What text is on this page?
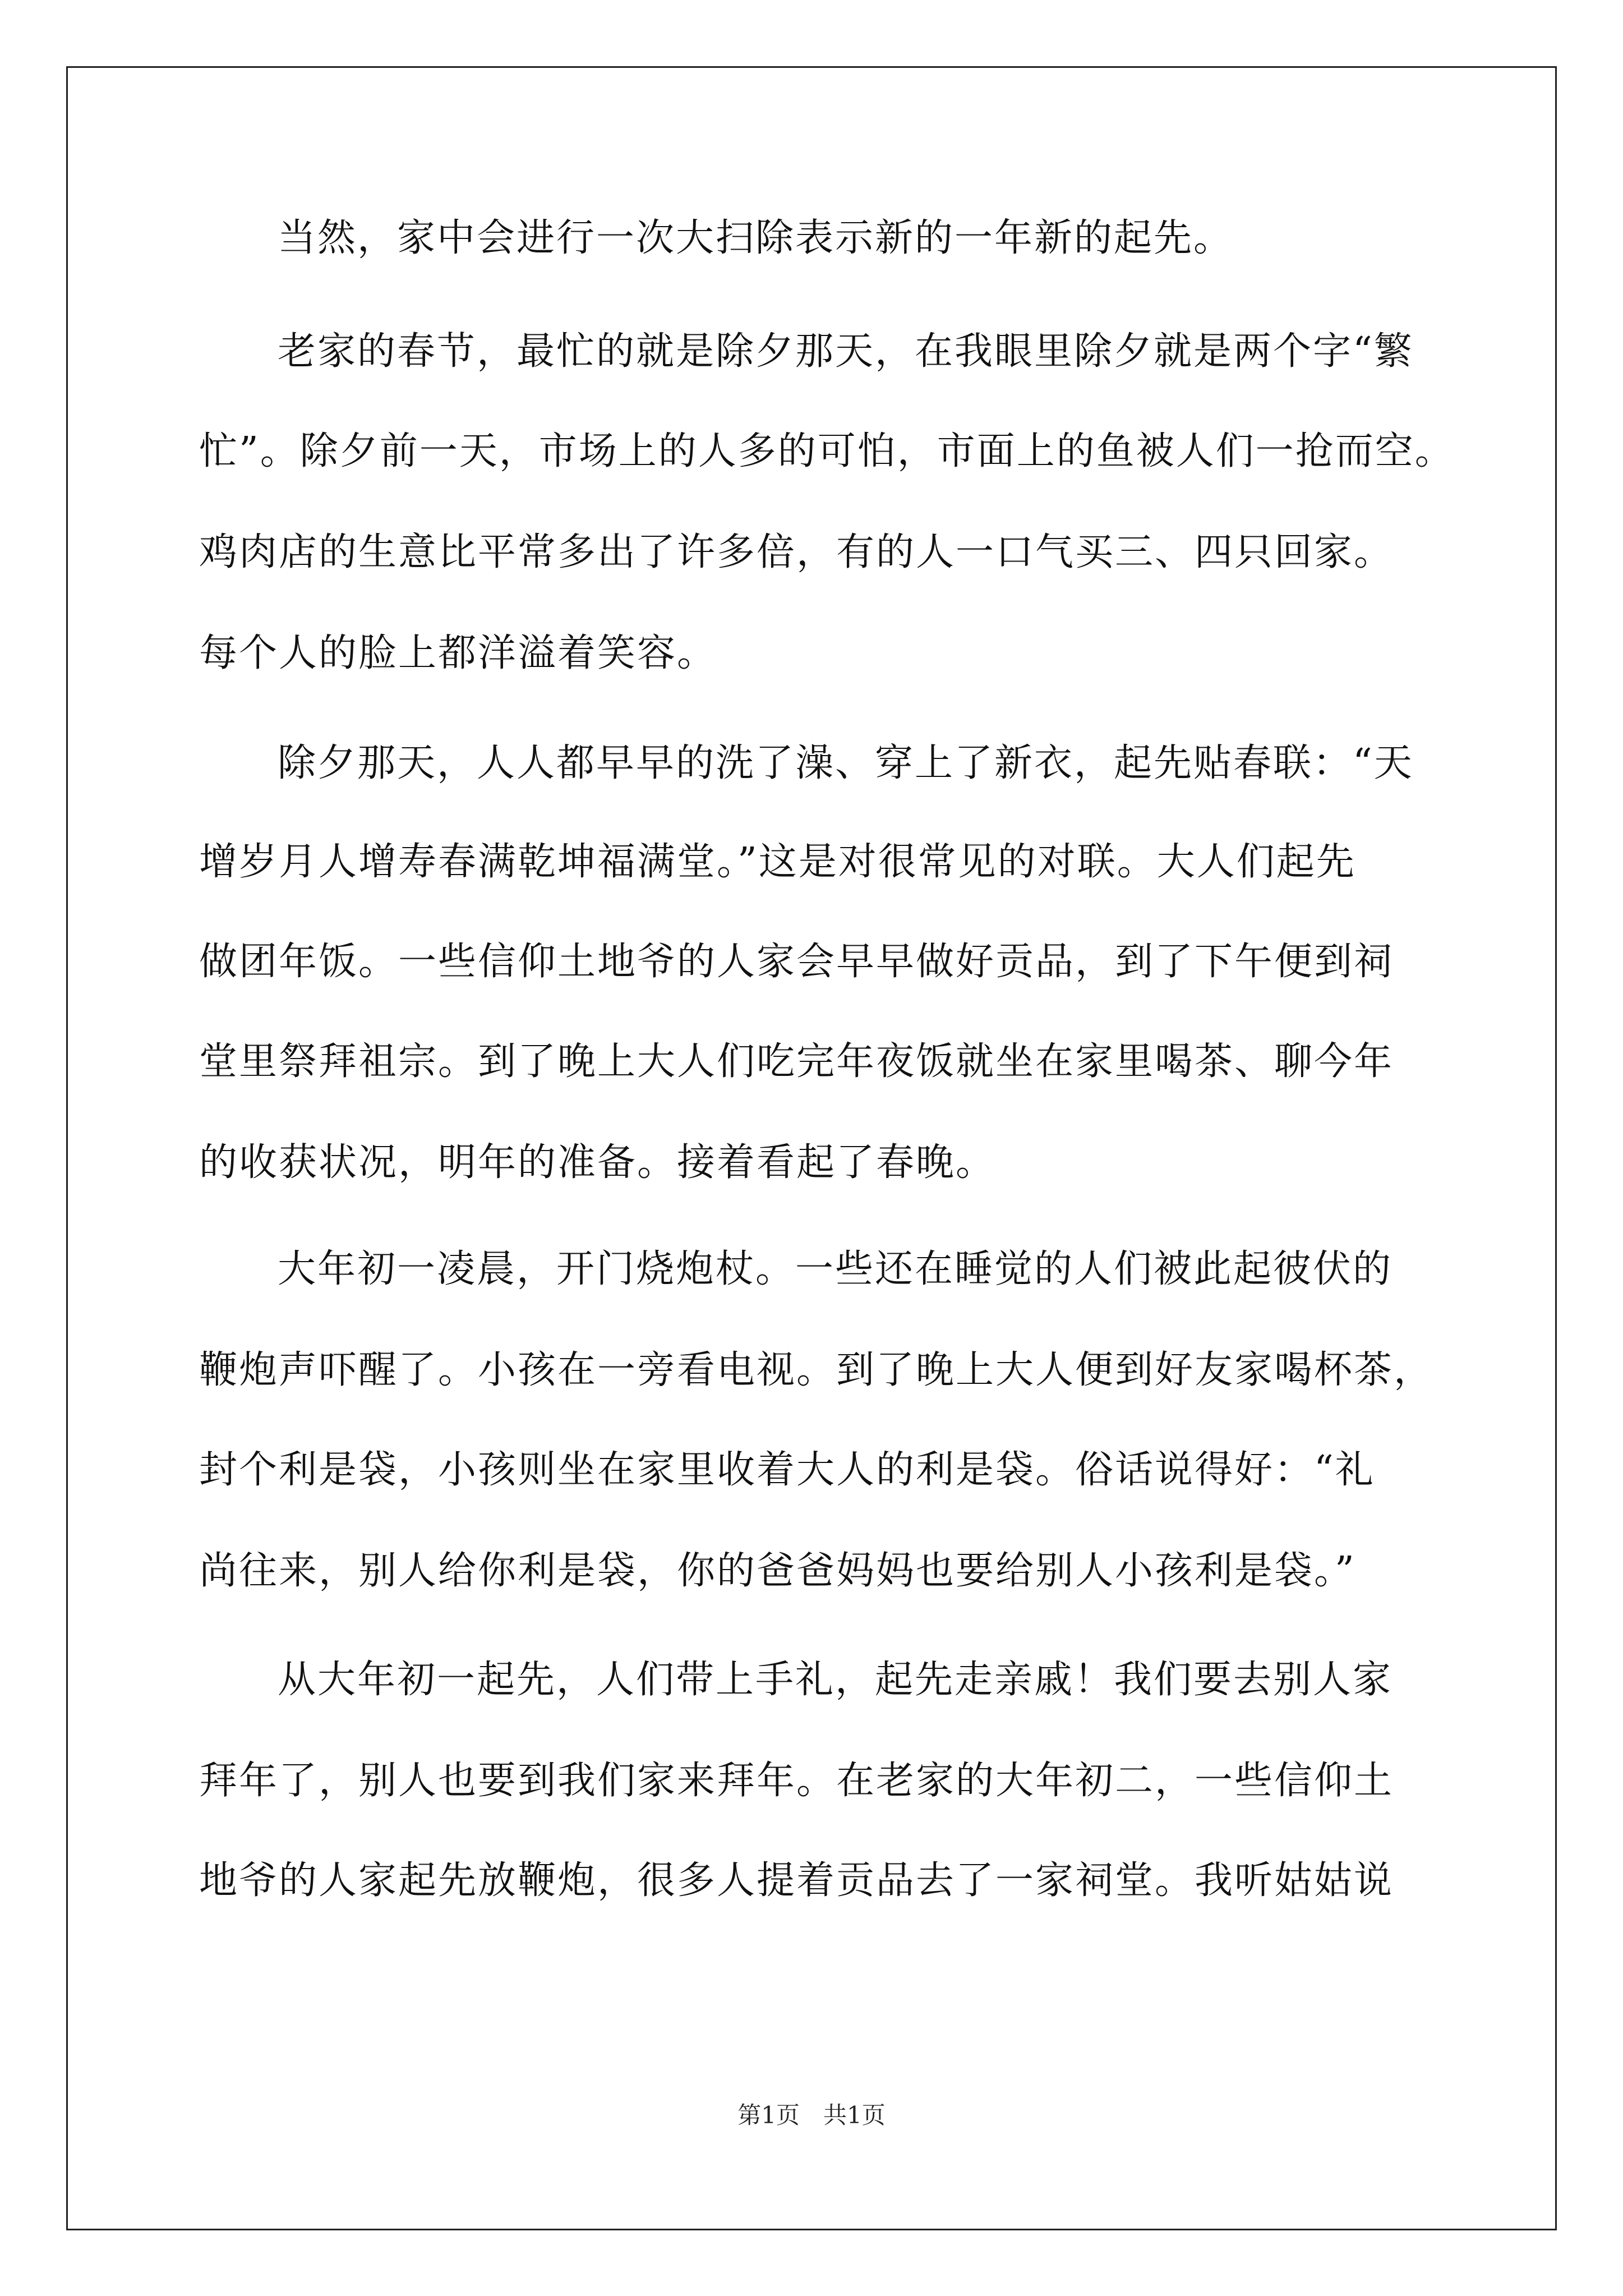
当然，家中会进行一次大扫除表示新的一年新的起先。
老家的春节，最忙的就是除夕那天，在我眼里除夕就是两个字“繁
忙”。除夕前一天，市场上的人多的可怕，市面上的鱼被人们一抢而空。
鸡肉店的生意比平常多出了许多倍，有的人一口气买三、四只回家。
每个人的脸上都洋溢着笑容。
除夕那天，人人都早早的洗了澡、穿上了新衣，起先贴春联：“天
增岁月人增寿春满乾坤福满堂。”这是对很常见的对联。大人们起先
做团年饭。一些信仰土地爷的人家会早早做好贡品，到了下午便到祠
堂里祭拜祖宗。到了晚上大人们吃完年夜饭就坐在家里喝茶、聊今年
的收获状况，明年的准备。接着看起了春晚。
大年初一凌晨，开门烧炮杖。一些还在睡觉的人们被此起彼伏的
鞭炮声吓醒了。小孩在一旁看电视。到了晚上大人便到好友家喝杯茶，
封个利是袋，小孩则坐在家里收着大人的利是袋。俗话说得好：“礼
尚往来，别人给你利是袋，你的爸爸妈妈也要给别人小孩利是袋。”
从大年初一起先，人们带上手礼，起先走亲戚！我们要去别人家
拜年了，别人也要到我们家来拜年。在老家的大年初二，一些信仰土
地爷的人家起先放鞭炮，很多人提着贡品去了一家祠堂。我听姑姑说
第1页　共1页
